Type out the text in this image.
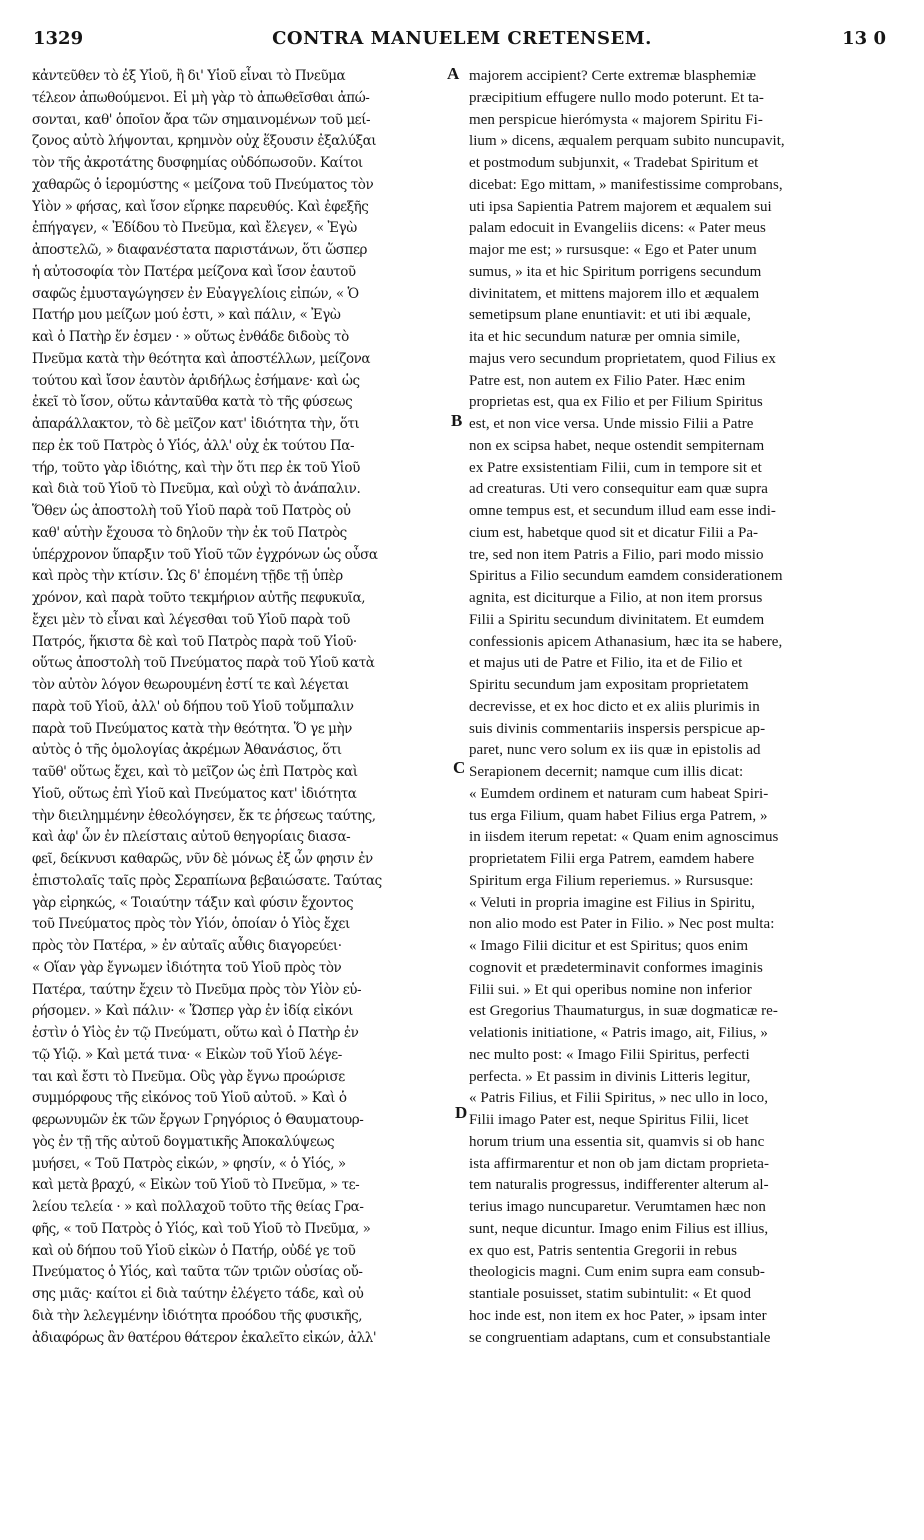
1329	CONTRA MANUELEM CRETENSEM.	13 0
κἀντεῦθεν τὸ ἐξ Υἱοῦ, ἢ δι' Υἱοῦ εἶναι τὸ Πνεῦμα
τέλεον ἀπωθούμενοι. Εἰ μὴ γὰρ τὸ ἀπωθεῖσθαι ἀπώ-
σονται, καθ' ὁποῖον ἄρα τῶν σημαινομένων τοῦ μεί-
ζονος αὐτὸ λήψονται, κρημνὸν οὐχ ἕξουσιν ἐξαλύξαι
τὸν τῆς ἀκροτάτης δυσφημίας οὐδόπωσοῦν. Καίτοι
χαθαρῶς ὁ ἱερομύστης « μείζονα τοῦ Πνεύματος τὸν
Υἱὸν » φήσας, καὶ ἴσον εἴρηκε παρευθύς. Καὶ ἐφεξῆς
ἐπήγαγεν, « Ἐδίδου τὸ Πνεῦμα, καὶ ἔλεγεν, « Ἐγὼ
ἀποστελῶ, » διαφανέστατα παριστάνων, ὅτι ὥσπερ
ἡ αὐτοσοφία τὸν Πατέρα μείζονα καὶ ἴσον ἑαυτοῦ
σαφῶς ἐμυσταγώγησεν ἐν Εὐαγγελίοις εἰπών, « Ὁ
Πατήρ μου μείζων μού ἐστι, » καὶ πάλιν, « Ἐγὼ
καὶ ὁ Πατὴρ ἕν ἐσμεν · » οὕτως ἐνθάδε διδοὺς τὸ
Πνεῦμα κατὰ τὴν θεότητα καὶ ἀποστέλλων, μείζονα
τούτου καὶ ἴσον ἑαυτὸν ἀριδήλως ἐσήμανε· καὶ ὡς
ἐκεῖ τὸ ἴσον, οὕτω κἀνταῦθα κατὰ τὸ τῆς φύσεως
ἀπαράλλακτον, τὸ δὲ μεῖζον κατ' ἰδιότητα τὴν, ὅτι
περ ἐκ τοῦ Πατρὸς ὁ Υἱός, ἀλλ' οὐχ ἐκ τούτου Πα-
τήρ, τοῦτο γὰρ ἰδιότης, καὶ τὴν ὅτι περ ἐκ τοῦ Υἱοῦ
καὶ διὰ τοῦ Υἱοῦ τὸ Πνεῦμα, καὶ οὐχὶ τὸ ἀνάπαλιν.
Ὅθεν ὡς ἀποστολὴ τοῦ Υἱοῦ παρὰ τοῦ Πατρὸς οὐ
καθ' αὑτὴν ἔχουσα τὸ δηλοῦν τὴν ἐκ τοῦ Πατρὸς
ὑπέρχρονον ὕπαρξιν τοῦ Υἱοῦ τῶν ἐγχρόνων ὡς οὖσα
καὶ πρὸς τὴν κτίσιν. Ὡς δ' ἑπομένη τῇδε τῇ ὑπὲρ
χρόνον, καὶ παρὰ τοῦτο τεκμήριον αὐτῆς πεφυκυῖα,
ἔχει μὲν τὸ εἶναι καὶ λέγεσθαι τοῦ Υἱοῦ παρὰ τοῦ
Πατρός, ἥκιστα δὲ καὶ τοῦ Πατρὸς παρὰ τοῦ Υἱοῦ·
οὕτως ἀποστολὴ τοῦ Πνεύματος παρὰ τοῦ Υἱοῦ κατὰ
τὸν αὐτὸν λόγον θεωρουμένη ἐστί τε καὶ λέγεται
παρὰ τοῦ Υἱοῦ, ἀλλ' οὐ δήπου τοῦ Υἱοῦ τοὔμπαλιν
παρὰ τοῦ Πνεύματος κατὰ τὴν θεότητα. Ὅ γε μὴν
αὐτὸς ὁ τῆς ὁμολογίας ἀκρέμων Ἀθανάσιος, ὅτι
ταῦθ' οὕτως ἔχει, καὶ τὸ μεῖζον ὡς ἐπὶ Πατρὸς καὶ
Υἱοῦ, οὕτως ἐπὶ Υἱοῦ καὶ Πνεύματος κατ' ἰδιότητα
τὴν διειλημμένην ἐθεολόγησεν, ἔκ τε ῥήσεως ταύτης,
καὶ ἀφ' ὧν ἐν πλείσταις αὐτοῦ θεηγορίαις διασα-
φεῖ, δείκνυσι καθαρῶς, νῦν δὲ μόνως ἐξ ὧν φησιν ἐν
ἐπιστολαῖς ταῖς πρὸς Σεραπίωνα βεβαιώσατε. Ταύτας
γὰρ εἰρηκώς, « Τοιαύτην τάξιν καὶ φύσιν ἔχοντος
τοῦ Πνεύματος πρὸς τὸν Υἱόν, ὁποίαν ὁ Υἱὸς ἔχει
πρὸς τὸν Πατέρα, » ἐν αὐταῖς αὖθις διαγορεύει·
« Οἵαν γὰρ ἔγνωμεν ἰδιότητα τοῦ Υἱοῦ πρὸς τὸν
Πατέρα, ταύτην ἔχειν τὸ Πνεῦμα πρὸς τὸν Υἱὸν εὑ-
ρήσομεν. » Καὶ πάλιν· « Ὥσπερ γὰρ ἐν ἰδίᾳ εἰκόνι
ἐστὶν ὁ Υἱὸς ἐν τῷ Πνεύματι, οὕτω καὶ ὁ Πατὴρ ἐν
τῷ Υἱῷ. » Καὶ μετά τινα· « Εἰκὼν τοῦ Υἱοῦ λέγε-
ται καὶ ἔστι τὸ Πνεῦμα. Οὓς γὰρ ἔγνω προώρισε
συμμόρφους τῆς εἰκόνος τοῦ Υἱοῦ αὐτοῦ. » Καὶ ὁ
φερωνυμῶν ἐκ τῶν ἔργων Γρηγόριος ὁ Θαυματουρ-
γὸς ἐν τῇ τῆς αὐτοῦ δογματικῆς Ἀποκαλύψεως
μυήσει, « Τοῦ Πατρὸς εἰκών, » φησίν, « ὁ Υἱός, »
καὶ μετὰ βραχύ, « Εἰκὼν τοῦ Υἱοῦ τὸ Πνεῦμα, » τε-
λείου τελεία · » καὶ πολλαχοῦ τοῦτο τῆς θείας Γρα-
φῆς, « τοῦ Πατρὸς ὁ Υἱός, καὶ τοῦ Υἱοῦ τὸ Πνεῦμα, »
καὶ οὐ δήπου τοῦ Υἱοῦ εἰκὼν ὁ Πατήρ, οὐδέ γε τοῦ
Πνεύματος ὁ Υἱός, καὶ ταῦτα τῶν τριῶν οὐσίας οὔ-
σης μιᾶς· καίτοι εἰ διὰ ταύτην ἐλέγετο τάδε, καὶ οὐ
διὰ τὴν λελεγμένην ἰδιότητα προόδου τῆς φυσικῆς,
ἀδιαφόρως ἂν θατέρου θάτερον ἐκαλεῖτο εἰκών, ἀλλ'
majorem accipient? Certe extremæ blasphemiæ
præcipitium effugere nullo modo poterunt. Et ta-
men perspicue hierómysta « majorem Spiritu Fi-
lium » dicens, æqualem perquam subito nuncupavit,
et postmodum subjunxit, « Tradebat Spiritum et
dicebat: Ego mittam, » manifestissime comprobans,
uti ipsa Sapientia Patrem majorem et æqualem sui
palam edocuit in Evangeliis dicens: « Pater meus
major me est; » rursusque: « Ego et Pater unum
sumus, » ita et hic Spiritum porrigens secundum
divinitatem, et mittens majorem illo et æqualem
semetipsum plane enuntiavit: et uti ibi æquale,
ita et hic secundum naturæ per omnia simile,
majus vero secundum proprietatem, quod Filius ex
Patre est, non autem ex Filio Pater. Hæc enim
proprietas est, qua ex Filio et per Filium Spiritus
est, et non vice versa. Unde missio Filii a Patre
non ex scipsa habet, neque ostendit sempiternam
ex Patre exsistentiam Filii, cum in tempore sit et
ad creaturas. Uti vero consequitur eam quæ supra
omne tempus est, et secundum illud eam esse indi-
cium est, habetque quod sit et dicatur Filii a Pa-
tre, sed non item Patris a Filio, pari modo missio
Spiritus a Filio secundum eamdem considerationem
agnita, est diciturque a Filio, at non item prorsus
Filii a Spiritu secundum divinitatem. Et eumdem
confessionis apicem Athanasium, hæc ita se habere,
et majus uti de Patre et Filio, ita et de Filio et
Spiritu secundum jam expositam proprietatem
decrevisse, et ex hoc dicto et ex aliis plurimis in
suis divinis commentariis inspersis perspicue ap-
paret, nunc vero solum ex iis quæ in epistolis ad
Serapionem decernit; namque cum illis dicat:
« Eumdem ordinem et naturam cum habeat Spiri-
tus erga Filium, quam habet Filius erga Patrem, »
in iisdem iterum repetat: « Quam enim agnoscimus
proprietatem Filii erga Patrem, eamdem habere
Spiritum erga Filium reperiemus. » Rursusque:
« Veluti in propria imagine est Filius in Spiritu,
non alio modo est Pater in Filio. » Nec post multa:
« Imago Filii dicitur et est Spiritus; quos enim
cognovit et prædeterminavit conformes imaginis
Filii sui. » Et qui operibus nomine non inferior
est Gregorius Thaumaturgus, in suæ dogmaticæ re-
velationis initiatione, « Patris imago, ait, Filius, »
nec multo post: « Imago Filii Spiritus, perfecti
perfecta. » Et passim in divinis Litteris legitur,
« Patris Filius, et Filii Spiritus, » nec ullo in loco,
Filii imago Pater est, neque Spiritus Filii, licet
horum trium una essentia sit, quamvis si ob hanc
ista affirmarentur et non ob jam dictam proprieta-
tem naturalis progressus, indifferenter alterum al-
terius imago nuncuparetur. Verumtamen hæc non
sunt, neque dicuntur. Imago enim Filius est illius,
ex quo est, Patris sententia Gregorii in rebus
theologicis magni. Cum enim supra eam consub-
stantiale posuisset, statim subintulit: « Et quod
hoc inde est, non item ex hoc Pater, » ipsam inter
se congruentiam adaptans, cum et consubstantiale
A
B
C
D
